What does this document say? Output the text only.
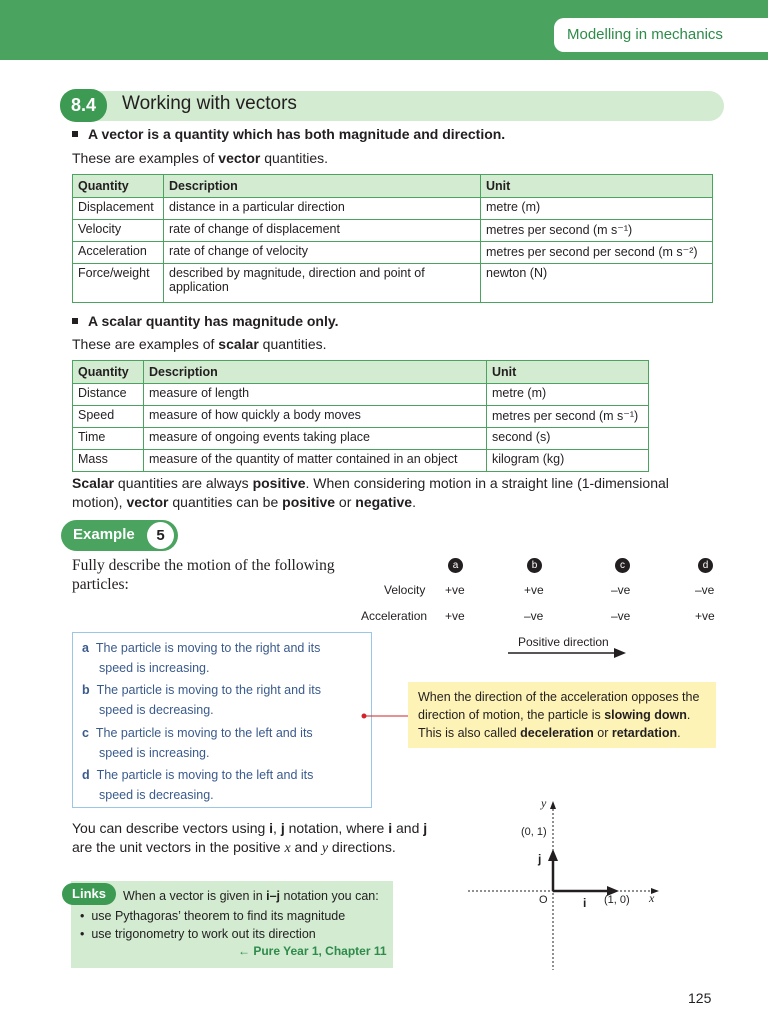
Modelling in mechanics
8.4	Working with vectors
A vector is a quantity which has both magnitude and direction.
These are examples of vector quantities.
Quantity	Description	Unit
Displacement	distance in a particular direction	metre (m)
Velocity	rate of change of displacement	metres per second (m s⁻¹)
Acceleration	rate of change of velocity	metres per second per second (m s⁻²)
Force/weight	described by magnitude, direction and point of application	newton (N)
A scalar quantity has magnitude only.
These are examples of scalar quantities.
Quantity	Description	Unit
Distance	measure of length	metre (m)
Speed	measure of how quickly a body moves	metres per second (m s⁻¹)
Time	measure of ongoing events taking place	second (s)
Mass	measure of the quantity of matter contained in an object	kilogram (kg)
Scalar quantities are always positive. When considering motion in a straight line (1-dimensional motion), vector quantities can be positive or negative.
Example	5
Fully describe the motion of the following particles:
a	b	c	d
Velocity +ve	+ve	–ve	–ve
Acceleration +ve	–ve	–ve	+ve
Positive direction
a The particle is moving to the right and its
speed is increasing.
b The particle is moving to the right and its
speed is decreasing.
c The particle is moving to the left and its
speed is increasing.
d The particle is moving to the left and its
speed is decreasing.
When the direction of the acceleration opposes the direction of motion, the particle is slowing down. This is also called deceleration or retardation.
You can describe vectors using i, j notation, where i and j are the unit vectors in the positive x and y directions.
Links	When a vector is given in i–j notation you can:
•  use Pythagoras’ theorem to find its magnitude
•  use trigonometry to work out its direction
← Pure Year 1, Chapter 11
y
x
(0, 1)
j
O	i (1, 0)
125
